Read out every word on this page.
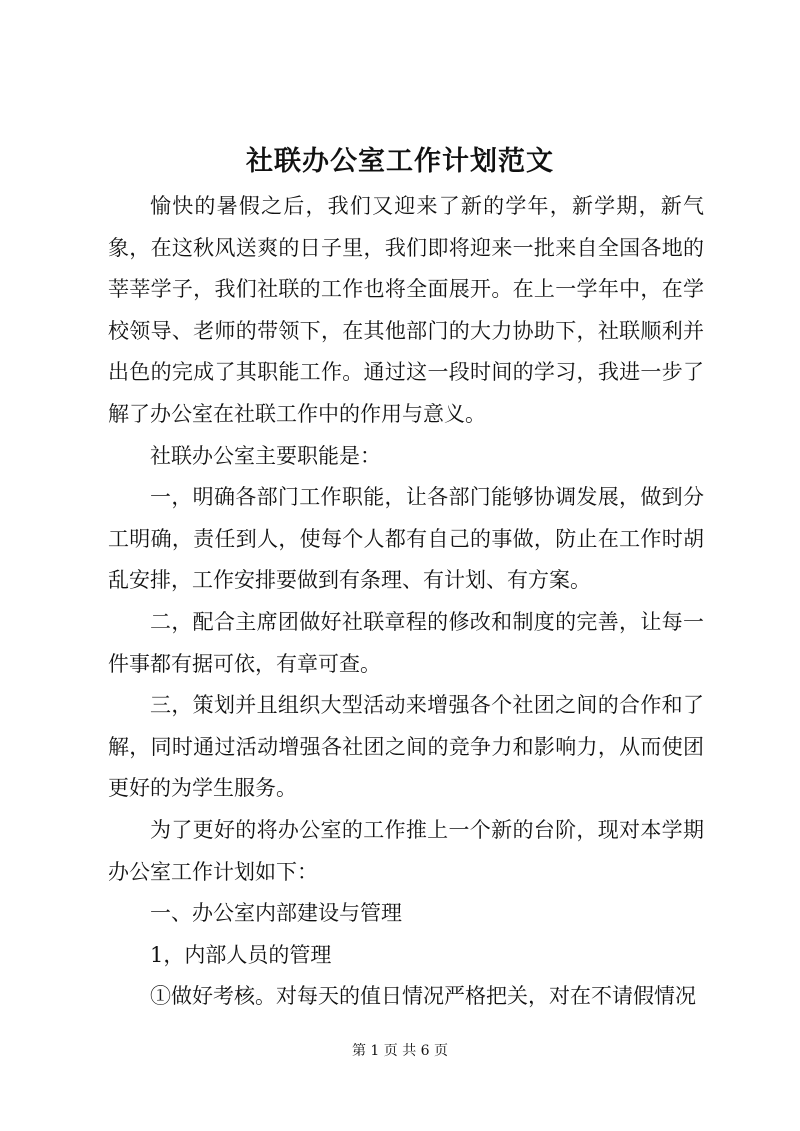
社联办公室工作计划范文

愉快的暑假之后，我们又迎来了新的学年，新学期，新气象，在这秋风送爽的日子里，我们即将迎来一批来自全国各地的莘莘学子，我们社联的工作也将全面展开。在上一学年中，在学校领导、老师的带领下，在其他部门的大力协助下，社联顺利并出色的完成了其职能工作。通过这一段时间的学习，我进一步了解了办公室在社联工作中的作用与意义。

社联办公室主要职能是：

一，明确各部门工作职能，让各部门能够协调发展，做到分工明确，责任到人，使每个人都有自己的事做，防止在工作时胡乱安排，工作安排要做到有条理、有计划、有方案。

二，配合主席团做好社联章程的修改和制度的完善，让每一件事都有据可依，有章可查。

三，策划并且组织大型活动来增强各个社团之间的合作和了解，同时通过活动增强各社团之间的竞争力和影响力，从而使团更好的为学生服务。

为了更好的将办公室的工作推上一个新的台阶，现对本学期办公室工作计划如下：

一、办公室内部建设与管理

1，内部人员的管理

①做好考核。对每天的值日情况严格把关，对在不请假情况

第 1 页 共 6 页
